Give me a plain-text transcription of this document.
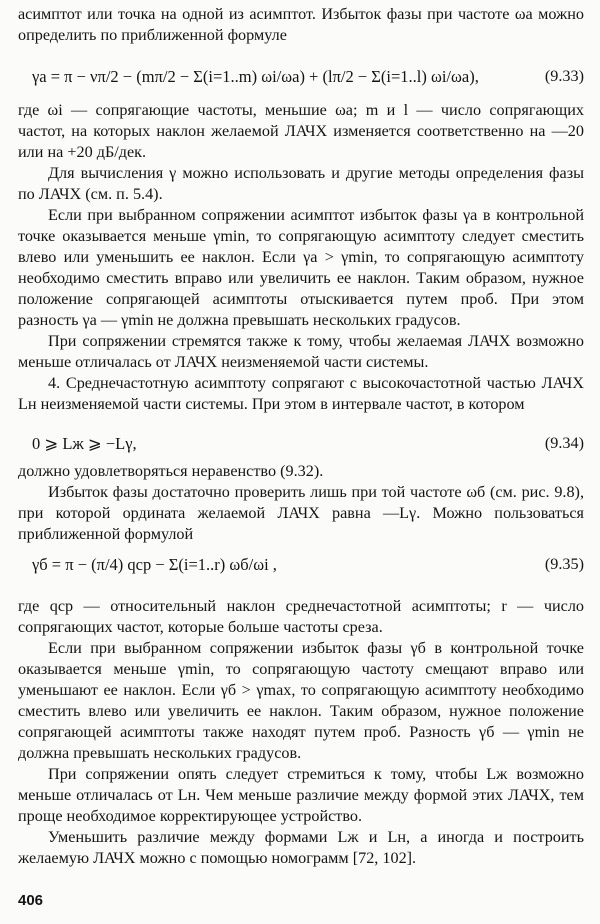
асимптот или точка на одной из асимптот. Избыток фазы при частоте ωa можно определить по приближенной формуле

γa = π − νπ/2 − (mπ/2 − Σ(i=1..m) ωi/ωa) + (lπ/2 − Σ(i=1..l) ωi/ωa),	(9.33)

где ωi — сопрягающие частоты, меньшие ωa; m и l — число сопрягающих частот, на которых наклон желаемой ЛАЧХ изменяется соответственно на —20 или на +20 дБ/дек.

Для вычисления γ можно использовать и другие методы определения фазы по ЛАЧХ (см. п. 5.4).

Если при выбранном сопряжении асимптот избыток фазы γa в контрольной точке оказывается меньше γmin, то сопрягающую асимптоту следует сместить влево или уменьшить ее наклон. Если γa > γmin, то сопрягающую асимптоту необходимо сместить вправо или увеличить ее наклон. Таким образом, нужное положение сопрягающей асимптоты отыскивается путем проб. При этом разность γa — γmin не должна превышать нескольких градусов.

При сопряжении стремятся также к тому, чтобы желаемая ЛАЧХ возможно меньше отличалась от ЛАЧХ неизменяемой части системы.

4. Среднечастотную асимптоту сопрягают с высокочастотной частью ЛАЧХ Lн неизменяемой части системы. При этом в интервале частот, в котором

0 ⩾ Lж ⩾ −Lγ,	(9.34)

должно удовлетворяться неравенство (9.32).

Избыток фазы достаточно проверить лишь при той частоте ωб (см. рис. 9.8), при которой ордината желаемой ЛАЧХ равна —Lγ. Можно пользоваться приближенной формулой

γб = π − (π/4) qср − Σ(i=1..r) ωб/ωi ,	(9.35)

где qср — относительный наклон среднечастотной асимптоты; r — число сопрягающих частот, которые больше частоты среза.

Если при выбранном сопряжении избыток фазы γб в контрольной точке оказывается меньше γmin, то сопрягающую частоту смещают вправо или уменьшают ее наклон. Если γб > γmax, то сопрягающую асимптоту необходимо сместить влево или увеличить ее наклон. Таким образом, нужное положение сопрягающей асимптоты также находят путем проб. Разность γб — γmin не должна превышать нескольких градусов.

При сопряжении опять следует стремиться к тому, чтобы Lж возможно меньше отличалась от Lн. Чем меньше различие между формой этих ЛАЧХ, тем проще необходимое корректирующее устройство.

Уменьшить различие между формами Lж и Lн, а иногда и построить желаемую ЛАЧХ можно с помощью номограмм [72, 102].

406
